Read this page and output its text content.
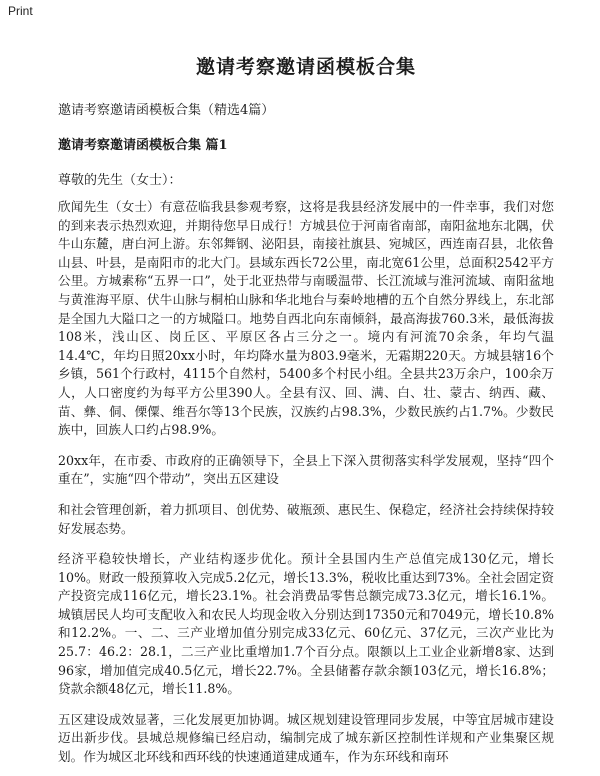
Print
邀请考察邀请函模板合集

邀请考察邀请函模板合集（精选4篇）

邀请考察邀请函模板合集 篇1

尊敬的先生（女士）：

欣闻先生（女士）有意莅临我县参观考察，这将是我县经济发展中的一件幸事，我们对您的到来表示热烈欢迎，并期待您早日成行！方城县位于河南省南部，南阳盆地东北隅，伏牛山东麓，唐白河上游。东邻舞钢、泌阳县，南接社旗县、宛城区，西连南召县，北依鲁山县、叶县，是南阳市的北大门。县域东西长72公里，南北宽61公里，总面积2542平方公里。方城素称“五界一口”，处于北亚热带与南暖温带、长江流域与淮河流域、南阳盆地与黄淮海平原、伏牛山脉与桐柏山脉和华北地台与秦岭地槽的五个自然分界线上，东北部是全国九大隘口之一的方城隘口。地势自西北向东南倾斜，最高海拔760.3米，最低海拔108米，浅山区、岗丘区、平原区各占三分之一。境内有河流70余条，年均气温14.4℃，年均日照20xx小时，年均降水量为803.9毫米，无霜期220天。方城县辖16个乡镇，561个行政村，4115个自然村，5400多个村民小组。全县共23万余户，100余万人，人口密度约为每平方公里390人。全县有汉、回、满、白、壮、蒙古、纳西、藏、苗、彝、侗、傈僳、维吾尔等13个民族，汉族约占98.3%，少数民族约占1.7%。少数民族中，回族人口约占98.9%。

20xx年，在市委、市政府的正确领导下，全县上下深入贯彻落实科学发展观，坚持“四个重在”，实施“四个带动”，突出五区建设

和社会管理创新，着力抓项目、创优势、破瓶颈、惠民生、保稳定，经济社会持续保持较好发展态势。

经济平稳较快增长，产业结构逐步优化。预计全县国内生产总值完成130亿元，增长10%。财政一般预算收入完成5.2亿元，增长13.3%，税收比重达到73%。全社会固定资产投资完成116亿元，增长23.1%。社会消费品零售总额完成73.3亿元，增长16.1%。城镇居民人均可支配收入和农民人均现金收入分别达到17350元和7049元，增长10.8%和12.2%。一、二、三产业增加值分别完成33亿元、60亿元、37亿元，三次产业比为25.7：46.2：28.1，二三产业比重增加1.7个百分点。限额以上工业企业新增8家、达到96家，增加值完成40.5亿元，增长22.7%。全县储蓄存款余额103亿元，增长16.8%；贷款余额48亿元，增长11.8%。

五区建设成效显著，三化发展更加协调。城区规划建设管理同步发展，中等宜居城市建设迈出新步伐。县城总规修编已经启动，编制完成了城东新区控制性详规和产业集聚区规划。作为城区北环线和西环线的快速通道建成通车，作为东环线和南环
